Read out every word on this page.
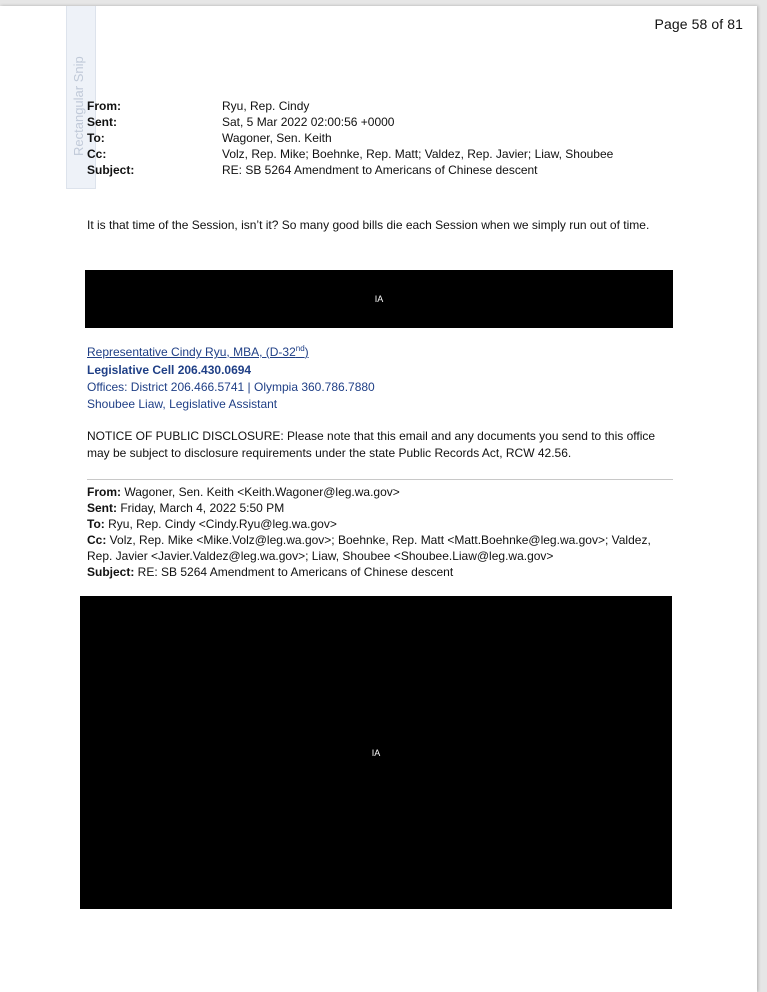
Rectangular Snip
Page 58 of 81
From:	Ryu, Rep. Cindy
Sent:	Sat, 5 Mar 2022 02:00:56 +0000
To:	Wagoner, Sen. Keith
Cc:	Volz, Rep. Mike; Boehnke, Rep. Matt; Valdez, Rep. Javier; Liaw, Shoubee
Subject:	RE: SB 5264 Amendment to Americans of Chinese descent
It is that time of the Session, isn’t it? So many good bills die each Session when we simply run out of time.
IA
Representative Cindy Ryu, MBA, (D-32nd)
Legislative Cell 206.430.0694
Offices: District 206.466.5741 | Olympia 360.786.7880
Shoubee Liaw, Legislative Assistant
NOTICE OF PUBLIC DISCLOSURE: Please note that this email and any documents you send to this office may be subject to disclosure requirements under the state Public Records Act, RCW 42.56.
From: Wagoner, Sen. Keith <Keith.Wagoner@leg.wa.gov>
Sent: Friday, March 4, 2022 5:50 PM
To: Ryu, Rep. Cindy <Cindy.Ryu@leg.wa.gov>
Cc: Volz, Rep. Mike <Mike.Volz@leg.wa.gov>; Boehnke, Rep. Matt <Matt.Boehnke@leg.wa.gov>; Valdez, Rep. Javier <Javier.Valdez@leg.wa.gov>; Liaw, Shoubee <Shoubee.Liaw@leg.wa.gov>
Subject: RE: SB 5264 Amendment to Americans of Chinese descent
IA
